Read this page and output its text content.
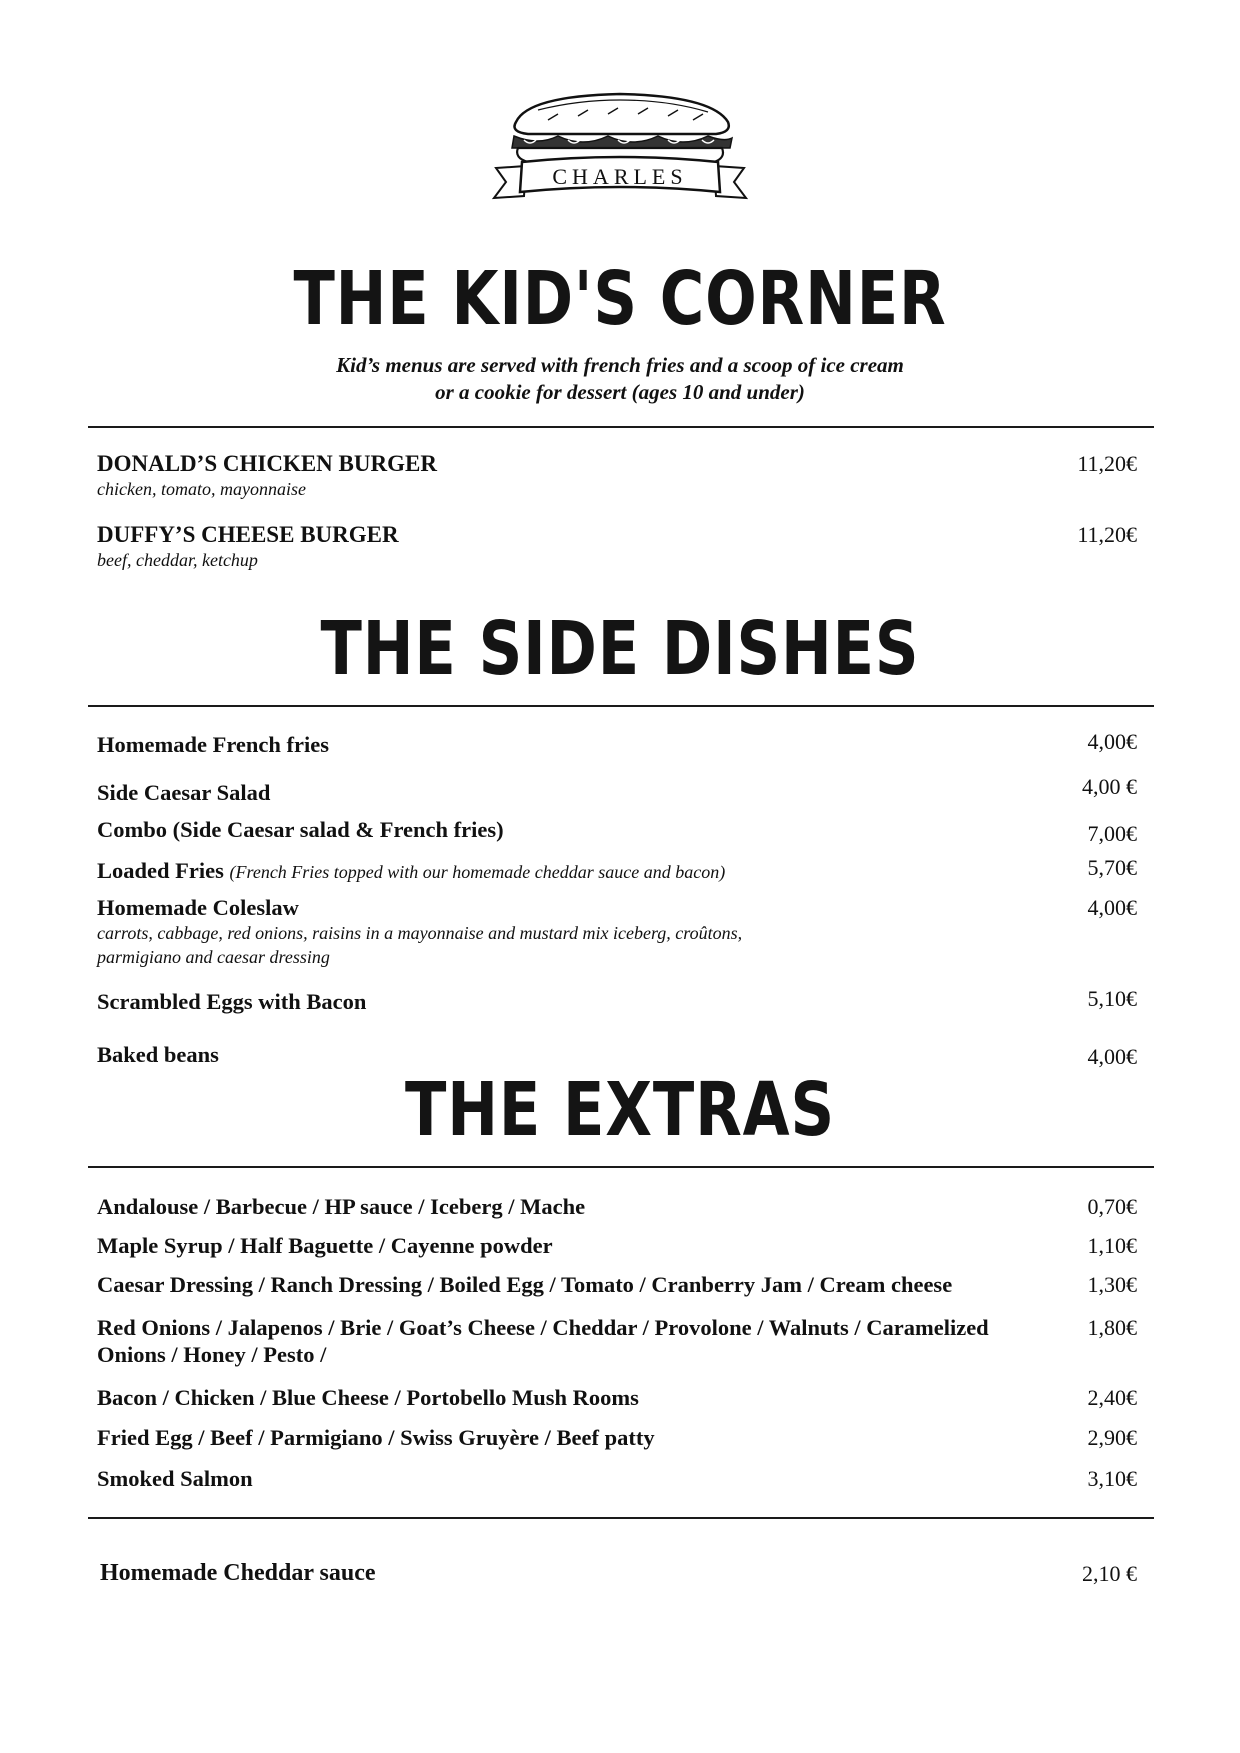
CHARLES
THE KID'S CORNER

Kid’s menus are served with french fries and a scoop of ice cream

or a cookie for dessert (ages 10 and under)

DONALD’S CHICKEN BURGER
chicken, tomato, mayonnaise
11,20€
DUFFY’S CHEESE BURGER
beef, cheddar, ketchup
11,20€
THE SIDE DISHES
Homemade French fries	4,00€
Side Caesar Salad	4,00 €
Combo (Side Caesar salad & French fries)	7,00€
Loaded Fries (French Fries topped with our homemade cheddar sauce and bacon)	5,70€
Homemade Coleslaw
carrots, cabbage, red onions, raisins in a mayonnaise and mustard mix iceberg, croûtons,
parmigiano and caesar dressing
4,00€
Scrambled Eggs with Bacon	5,10€
Baked beans	4,00€
THE EXTRAS
Andalouse / Barbecue / HP sauce / Iceberg / Mache	0,70€
Maple Syrup / Half Baguette / Cayenne powder	1,10€
Caesar Dressing / Ranch Dressing / Boiled Egg / Tomato / Cranberry Jam / Cream cheese	1,30€
Red Onions / Jalapenos / Brie / Goat’s Cheese / Cheddar / Provolone / Walnuts / Caramelized Onions / Honey / Pesto /
1,80€
Bacon / Chicken / Blue Cheese / Portobello Mush Rooms	2,40€
Fried Egg / Beef / Parmigiano / Swiss Gruyère / Beef patty	2,90€
Smoked Salmon	3,10€
Homemade Cheddar sauce	2,10 €
